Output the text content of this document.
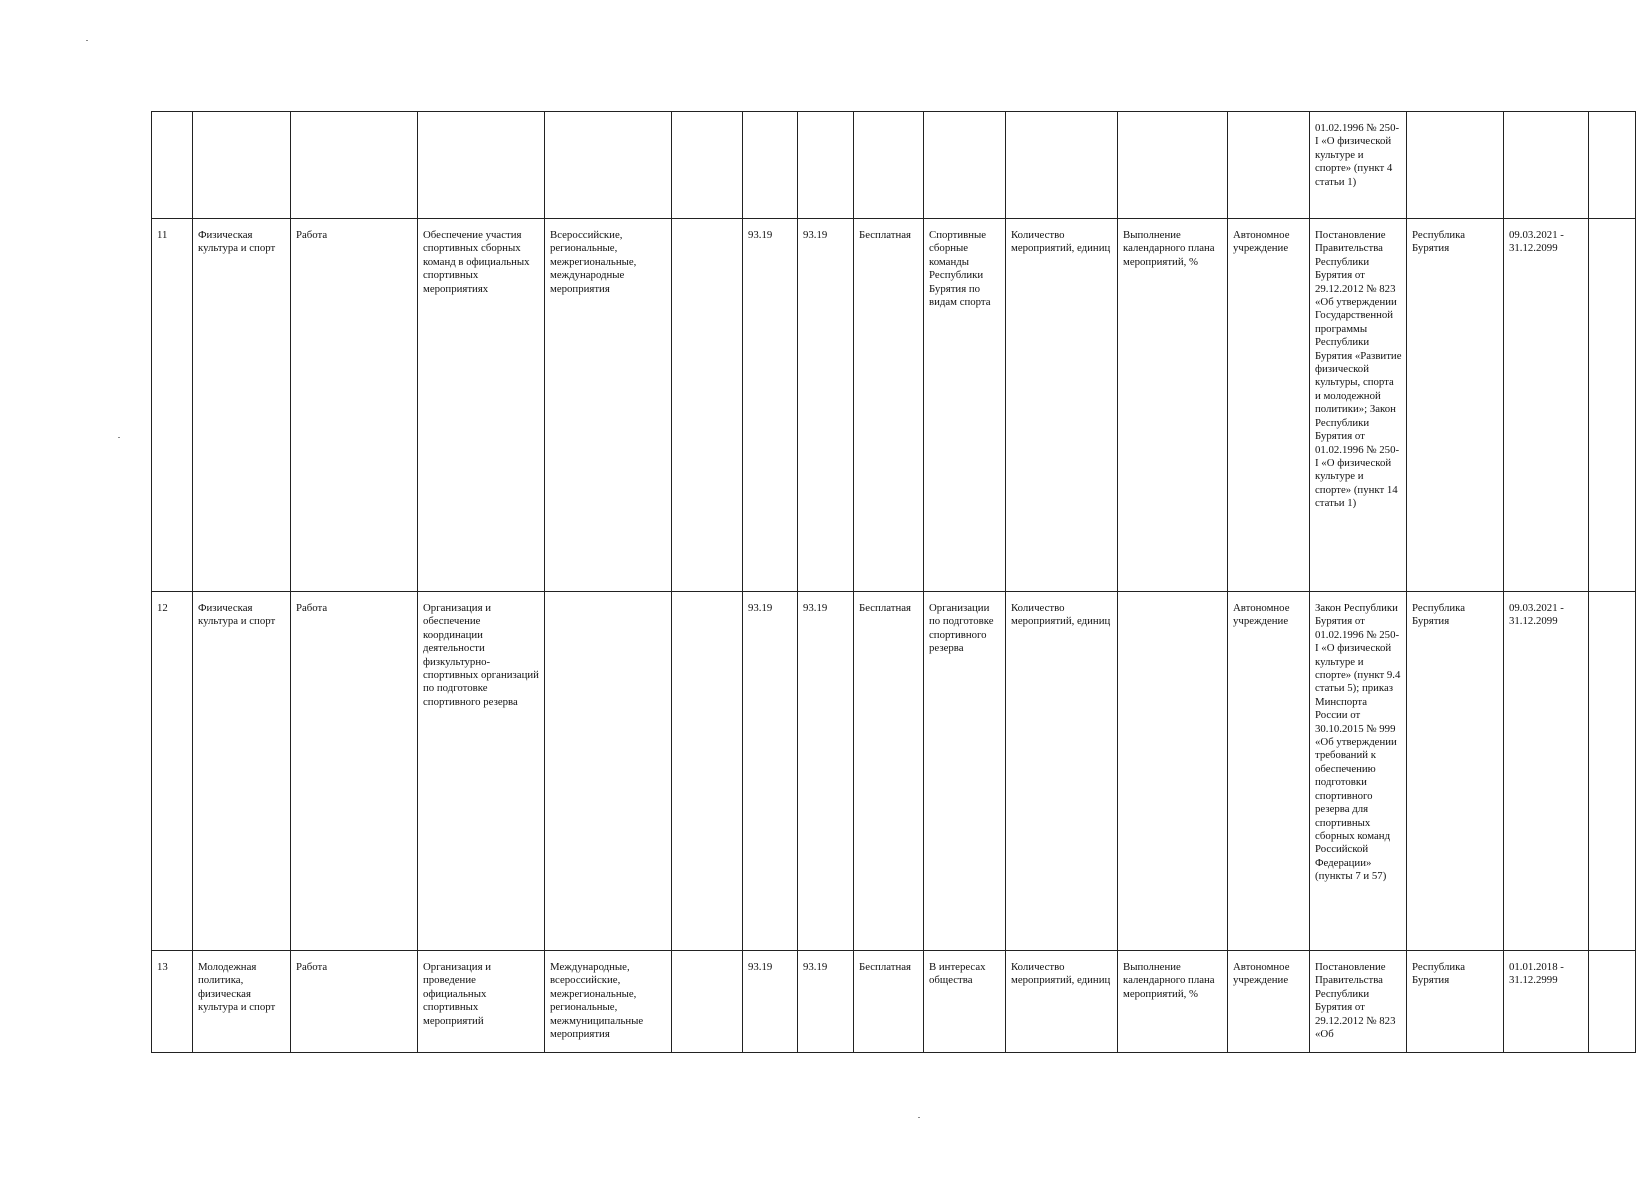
													01.02.1996 № 250-I «О физической культуре и спорте» (пункт 4 статьи 1)			
11	Физическая культура и спорт	Работа	Обеспечение участия спортивных сборных команд в официальных спортивных мероприятиях	Всероссийские, региональные, межрегиональные, международные мероприятия		93.19	93.19	Бесплатная	Спортивные сборные команды Республики Бурятия по видам спорта	Количество мероприятий, единиц	Выполнение календарного плана мероприятий, %	Автономное учреждение	Постановление Правительства Республики Бурятия от 29.12.2012 № 823 «Об утверждении Государственной программы Республики Бурятия «Развитие физической культуры, спорта и молодежной политики»; Закон Республики Бурятия от 01.02.1996 № 250-I «О физической культуре и спорте» (пункт 14 статьи 1)	Республика Бурятия	09.03.2021 - 31.12.2099	
12	Физическая культура и спорт	Работа	Организация и обеспечение координации деятельности физкультурно-спортивных организаций по подготовке спортивного резерва			93.19	93.19	Бесплатная	Организации по подготовке спортивного резерва	Количество мероприятий, единиц		Автономное учреждение	Закон Республики Бурятия от 01.02.1996 № 250-I «О физической культуре и спорте» (пункт 9.4 статьи 5); приказ Минспорта России от 30.10.2015 № 999 «Об утверждении требований к обеспечению подготовки спортивного резерва для спортивных сборных команд Российской Федерации» (пункты 7 и 57)	Республика Бурятия	09.03.2021 - 31.12.2099	
13	Молодежная политика, физическая культура и спорт	Работа	Организация и проведение официальных спортивных мероприятий	Международные, всероссийские, межрегиональные, региональные, межмуниципальные мероприятия		93.19	93.19	Бесплатная	В интересах общества	Количество мероприятий, единиц	Выполнение календарного плана мероприятий, %	Автономное учреждение	Постановление Правительства Республики Бурятия от 29.12.2012 № 823 «Об	Республика Бурятия	01.01.2018 - 31.12.2999	
